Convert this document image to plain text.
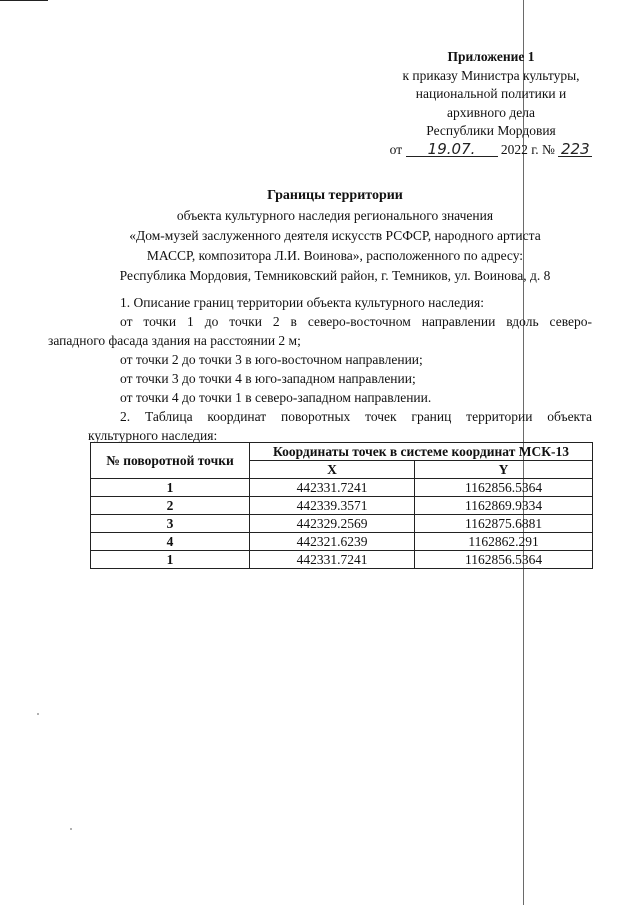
Приложение 1
к приказу Министра культуры,
национальной политики и
архивного дела
Республики Мордовия
от 19.07. 2022 г. № 223
Границы территории
объекта культурного наследия регионального значения
«Дом-музей заслуженного деятеля искусств РСФСР, народного артиста
МАССР, композитора Л.И. Воинова», расположенного по адресу:
Республика Мордовия, Темниковский район, г. Темников, ул. Воинова, д. 8
1. Описание границ территории объекта культурного наследия:
от точки 1 до точки 2 в северо-восточном направлении вдоль северо-
западного фасада здания на расстоянии 2 м;
от точки 2 до точки 3 в юго-восточном направлении;
от точки 3 до точки 4 в юго-западном направлении;
от точки 4 до точки 1 в северо-западном направлении.
2. Таблица координат поворотных точек границ территории объекта
культурного наследия:
№ поворотной точки	Координаты точек в системе координат МСК-13	
	X	Y
1	442331.7241	1162856.5364
2	442339.3571	1162869.9334
3	442329.2569	1162875.6881
4	442321.6239	1162862.291
1	442331.7241	1162856.5364
